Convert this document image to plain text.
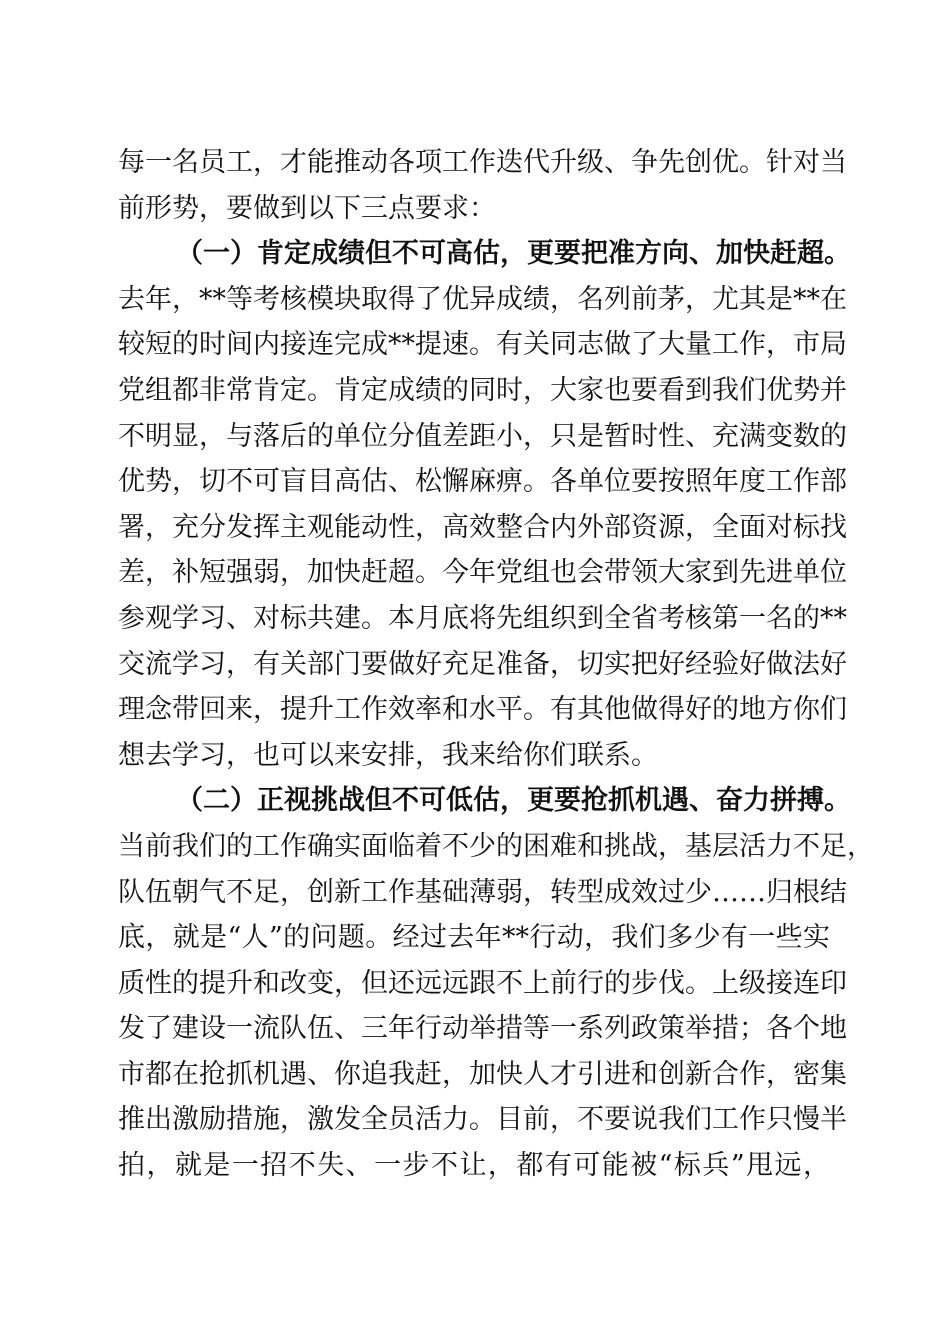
每一名员工，才能推动各项工作迭代升级、争先创优。针对当
前形势，要做到以下三点要求：
（一）肯定成绩但不可高估，更要把准方向、加快赶超。
去年，**等考核模块取得了优异成绩，名列前茅，尤其是**在
较短的时间内接连完成**提速。有关同志做了大量工作，市局
党组都非常肯定。肯定成绩的同时，大家也要看到我们优势并
不明显，与落后的单位分值差距小，只是暂时性、充满变数的
优势，切不可盲目高估、松懈麻痹。各单位要按照年度工作部
署，充分发挥主观能动性，高效整合内外部资源，全面对标找
差，补短强弱，加快赶超。今年党组也会带领大家到先进单位
参观学习、对标共建。本月底将先组织到全省考核第一名的**
交流学习，有关部门要做好充足准备，切实把好经验好做法好
理念带回来，提升工作效率和水平。有其他做得好的地方你们
想去学习，也可以来安排，我来给你们联系。
（二）正视挑战但不可低估，更要抢抓机遇、奋力拼搏。
当前我们的工作确实面临着不少的困难和挑战，基层活力不足，
队伍朝气不足，创新工作基础薄弱，转型成效过少……归根结
底，就是“人”的问题。经过去年**行动，我们多少有一些实
质性的提升和改变，但还远远跟不上前行的步伐。上级接连印
发了建设一流队伍、三年行动举措等一系列政策举措；各个地
市都在抢抓机遇、你追我赶，加快人才引进和创新合作，密集
推出激励措施，激发全员活力。目前，不要说我们工作只慢半
拍，就是一招不失、一步不让，都有可能被“标兵”甩远，
